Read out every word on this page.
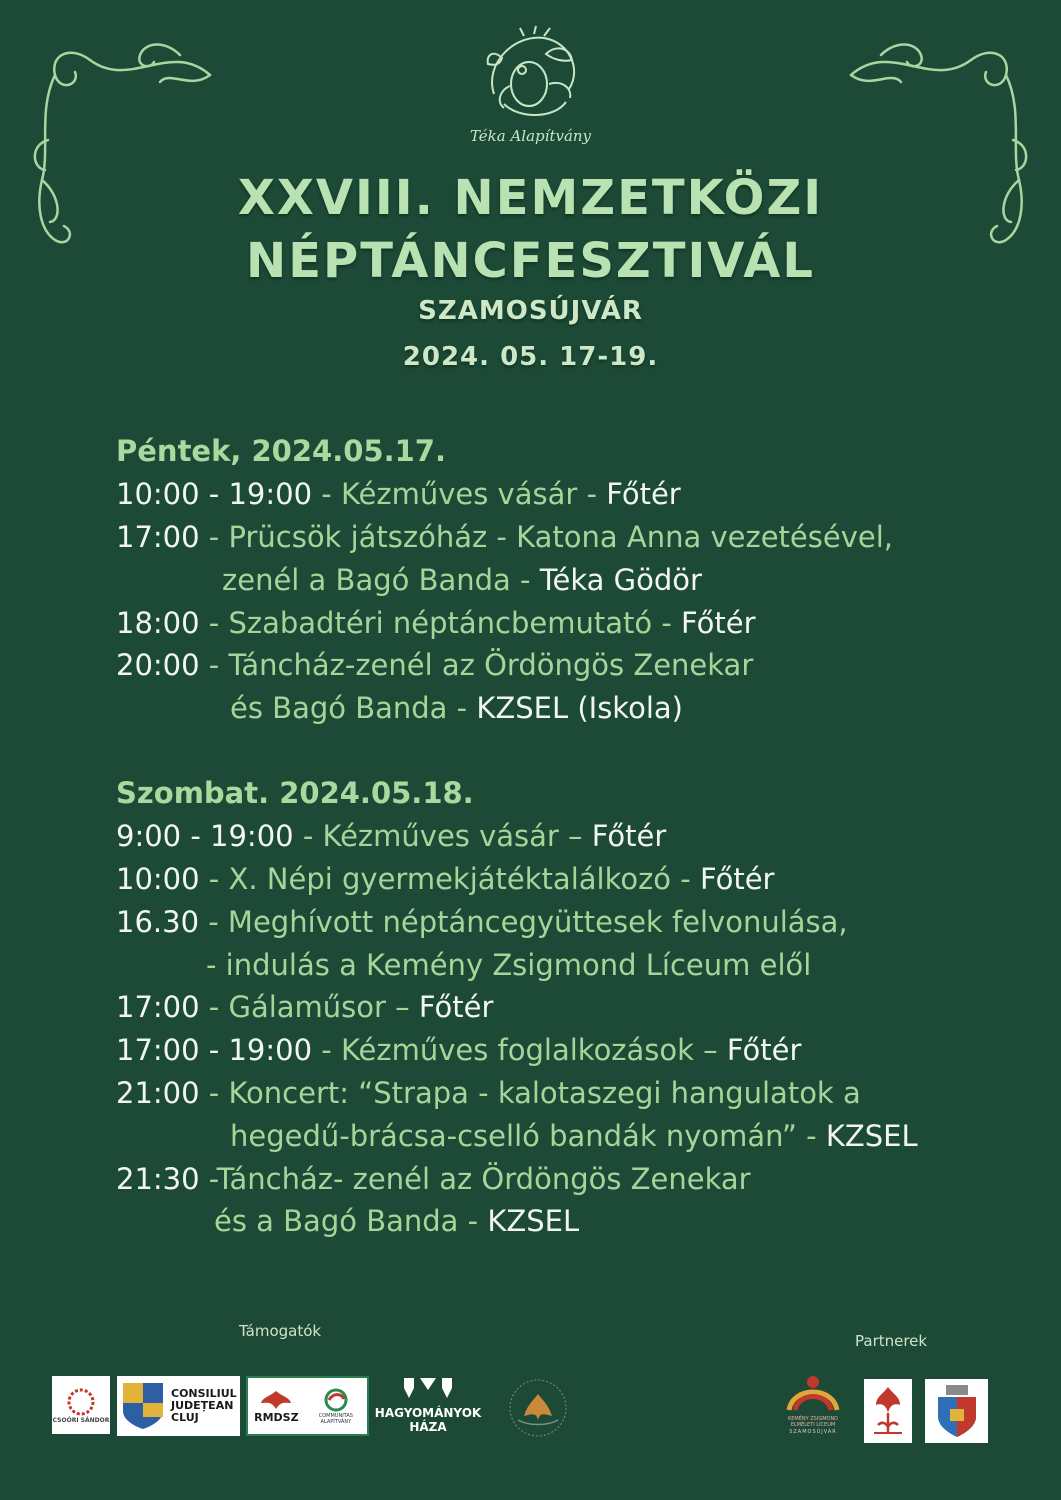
Téka Alapítvány
XXVIII. NEMZETKÖZI
NÉPTÁNCFESZTIVÁL
SZAMOSÚJVÁR
2024. 05. 17-19.
Péntek, 2024.05.17.
10:00 - 19:00 - Kézműves vásár - Főtér
17:00 - Prücsök játszóház - Katona Anna vezetésével,
zenél a Bagó Banda - Téka Gödör
18:00 - Szabadtéri néptáncbemutató - Főtér
20:00 - Táncház-zenél az Ördöngös Zenekar
és Bagó Banda - KZSEL (Iskola)
Szombat. 2024.05.18.
9:00 - 19:00 - Kézműves vásár – Főtér
10:00 - X. Népi gyermekjátéktalálkozó - Főtér
16.30 - Meghívott néptáncegyüttesek felvonulása,
- indulás a Kemény Zsigmond Líceum elől
17:00 - Gálaműsor – Főtér
17:00 - 19:00 - Kézműves foglalkozások – Főtér
21:00 - Koncert: “Strapa - kalotaszegi hangulatok a
hegedű-brácsa-cselló bandák nyomán” - KZSEL
21:30 -Táncház- zenél az Ördöngös Zenekar
és a Bagó Banda - KZSEL
Támogatók
Partnerek
CSOÓRI SÁNDOR
CONSILIUL JUDEȚEAN CLUJ	RMDSZ	COMMUNITAS ALAPÍTVÁNY
HAGYOMÁNYOK
HÁZA
KEMÉNY ZSIGMOND ELMÉLETI LÍCEUM
SZAMOSÚJVÁR
